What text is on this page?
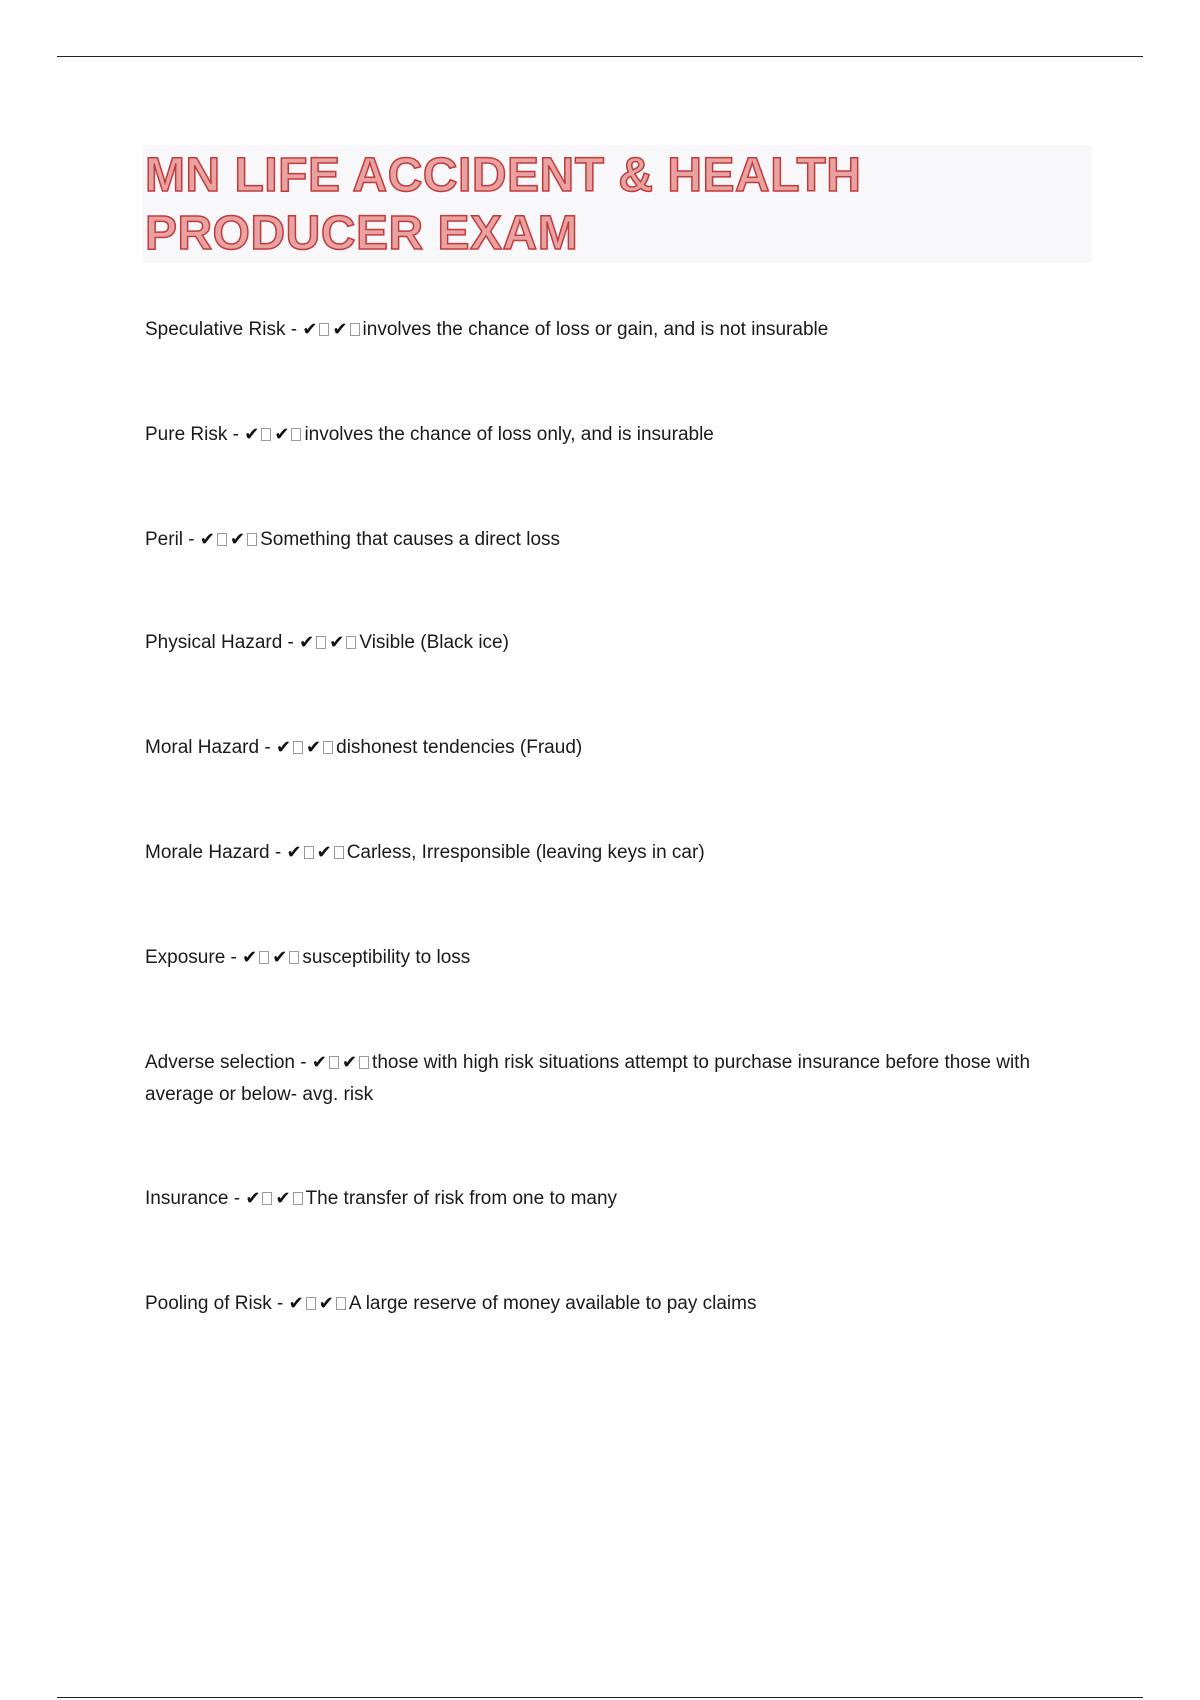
MN LIFE ACCIDENT & HEALTH
PRODUCER EXAM
Speculative Risk - ✔ ✔ involves the chance of loss or gain, and is not insurable
Pure Risk - ✔ ✔ involves the chance of loss only, and is insurable
Peril - ✔ ✔ Something that causes a direct loss
Physical Hazard - ✔ ✔ Visible (Black ice)
Moral Hazard - ✔ ✔ dishonest tendencies (Fraud)
Morale Hazard - ✔ ✔ Carless, Irresponsible (leaving keys in car)
Exposure - ✔ ✔ susceptibility to loss
Adverse selection - ✔ ✔ those with high risk situations attempt to purchase insurance before those with average or below- avg. risk
Insurance - ✔ ✔ The transfer of risk from one to many
Pooling of Risk - ✔ ✔ A large reserve of money available to pay claims
